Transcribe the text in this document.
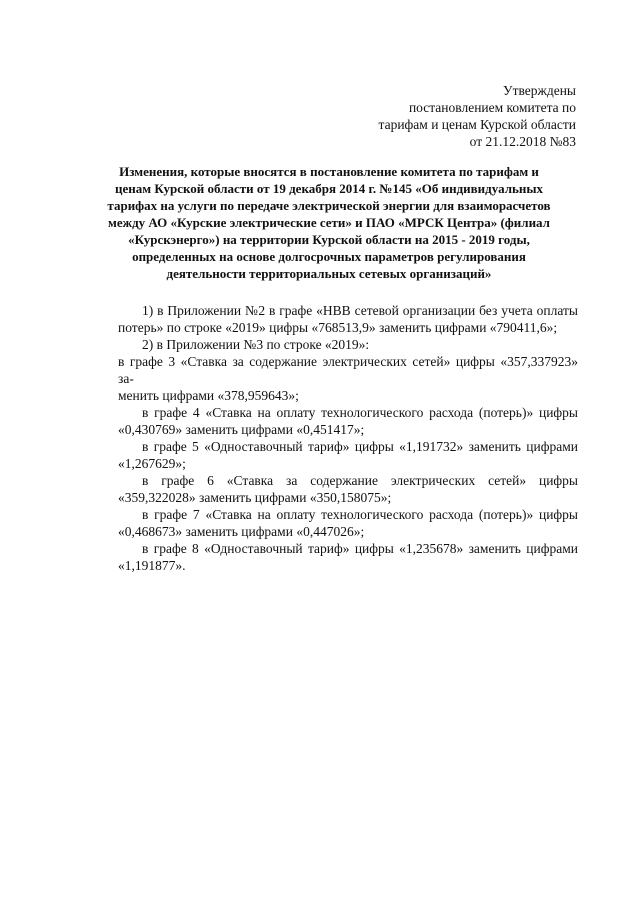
Утверждены
постановлением комитета по
тарифам и ценам Курской области
от 21.12.2018 №83
Изменения, которые вносятся в постановление комитета по тарифам и
ценам Курской области от 19 декабря 2014 г. №145 «Об индивидуальных
тарифах на услуги по передаче электрической энергии для взаиморасчетов
между АО «Курские электрические сети» и ПАО «МРСК Центра» (филиал
«Курскэнерго») на территории Курской области на 2015 - 2019 годы,
определенных на основе долгосрочных параметров регулирования
деятельности территориальных сетевых организаций»
1) в Приложении №2 в графе «НВВ сетевой организации без учета оплаты
потерь» по строке «2019» цифры «768513,9» заменить цифрами «790411,6»;
2) в Приложении №3 по строке «2019»:
в графе 3 «Ставка за содержание электрических сетей» цифры «357,337923» за-
менить цифрами «378,959643»;
в графе 4 «Ставка на оплату технологического расхода (потерь)» цифры
«0,430769» заменить цифрами «0,451417»;
в графе 5 «Одноставочный тариф» цифры «1,191732» заменить цифрами
«1,267629»;
в графе 6 «Ставка за содержание электрических сетей» цифры
«359,322028» заменить цифрами «350,158075»;
в графе 7 «Ставка на оплату технологического расхода (потерь)» цифры
«0,468673» заменить цифрами «0,447026»;
в графе 8 «Одноставочный тариф» цифры «1,235678» заменить цифрами
«1,191877».
